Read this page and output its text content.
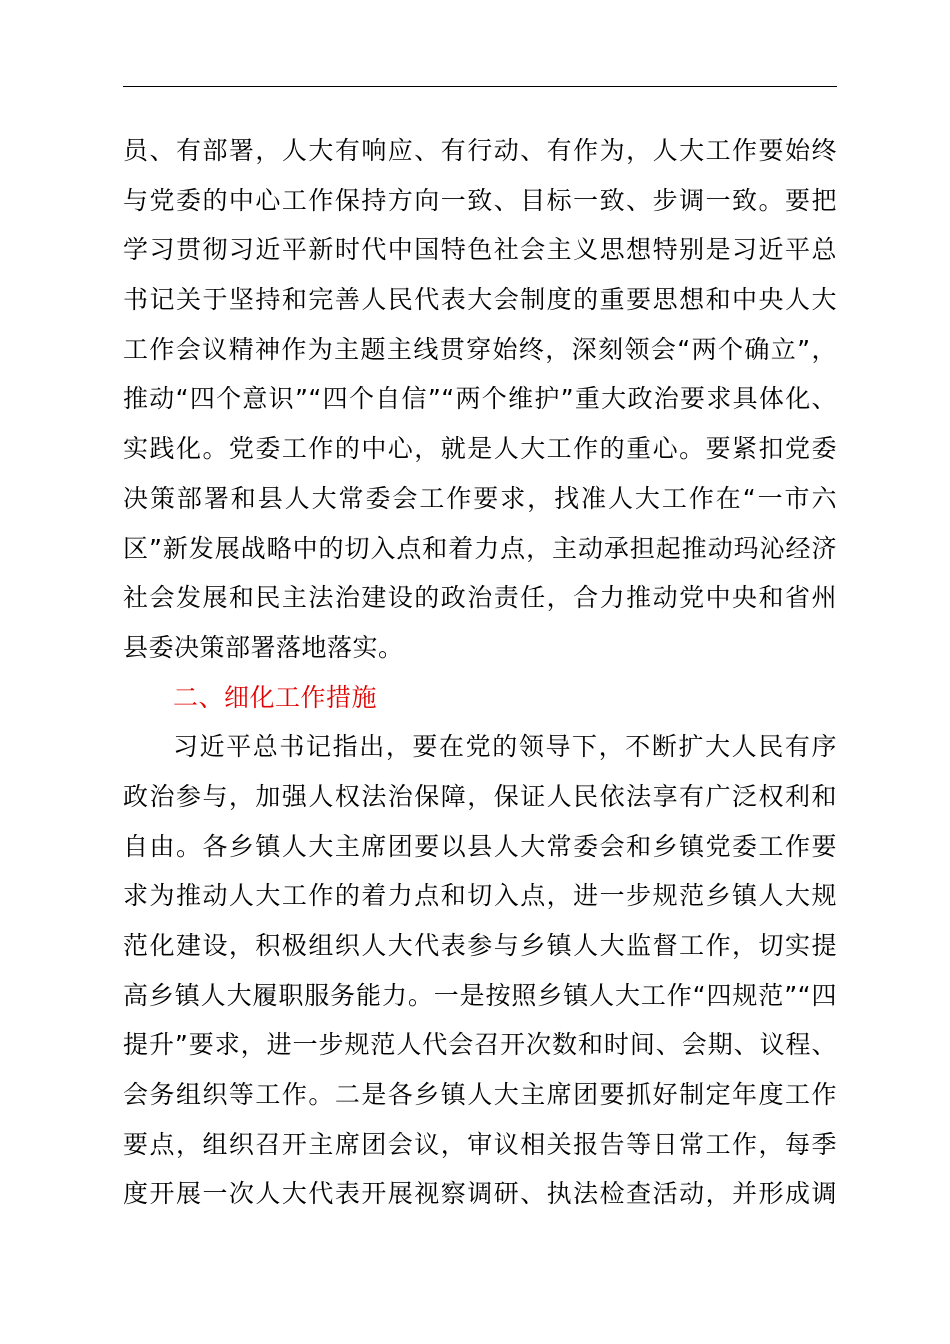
员、有部署，人大有响应、有行动、有作为，人大工作要始终
与党委的中心工作保持方向一致、目标一致、步调一致。要把
学习贯彻习近平新时代中国特色社会主义思想特别是习近平总
书记关于坚持和完善人民代表大会制度的重要思想和中央人大
工作会议精神作为主题主线贯穿始终，深刻领会“两个确立”，
推动“四个意识”“四个自信”“两个维护”重大政治要求具体化、
实践化。党委工作的中心，就是人大工作的重心。要紧扣党委
决策部署和县人大常委会工作要求，找准人大工作在“一市六
区”新发展战略中的切入点和着力点，主动承担起推动玛沁经济
社会发展和民主法治建设的政治责任，合力推动党中央和省州
县委决策部署落地落实。
二、细化工作措施
习近平总书记指出，要在党的领导下，不断扩大人民有序
政治参与，加强人权法治保障，保证人民依法享有广泛权利和
自由。各乡镇人大主席团要以县人大常委会和乡镇党委工作要
求为推动人大工作的着力点和切入点，进一步规范乡镇人大规
范化建设，积极组织人大代表参与乡镇人大监督工作，切实提
高乡镇人大履职服务能力。一是按照乡镇人大工作“四规范”“四
提升”要求，进一步规范人代会召开次数和时间、会期、议程、
会务组织等工作。二是各乡镇人大主席团要抓好制定年度工作
要点，组织召开主席团会议，审议相关报告等日常工作，每季
度开展一次人大代表开展视察调研、执法检查活动，并形成调
